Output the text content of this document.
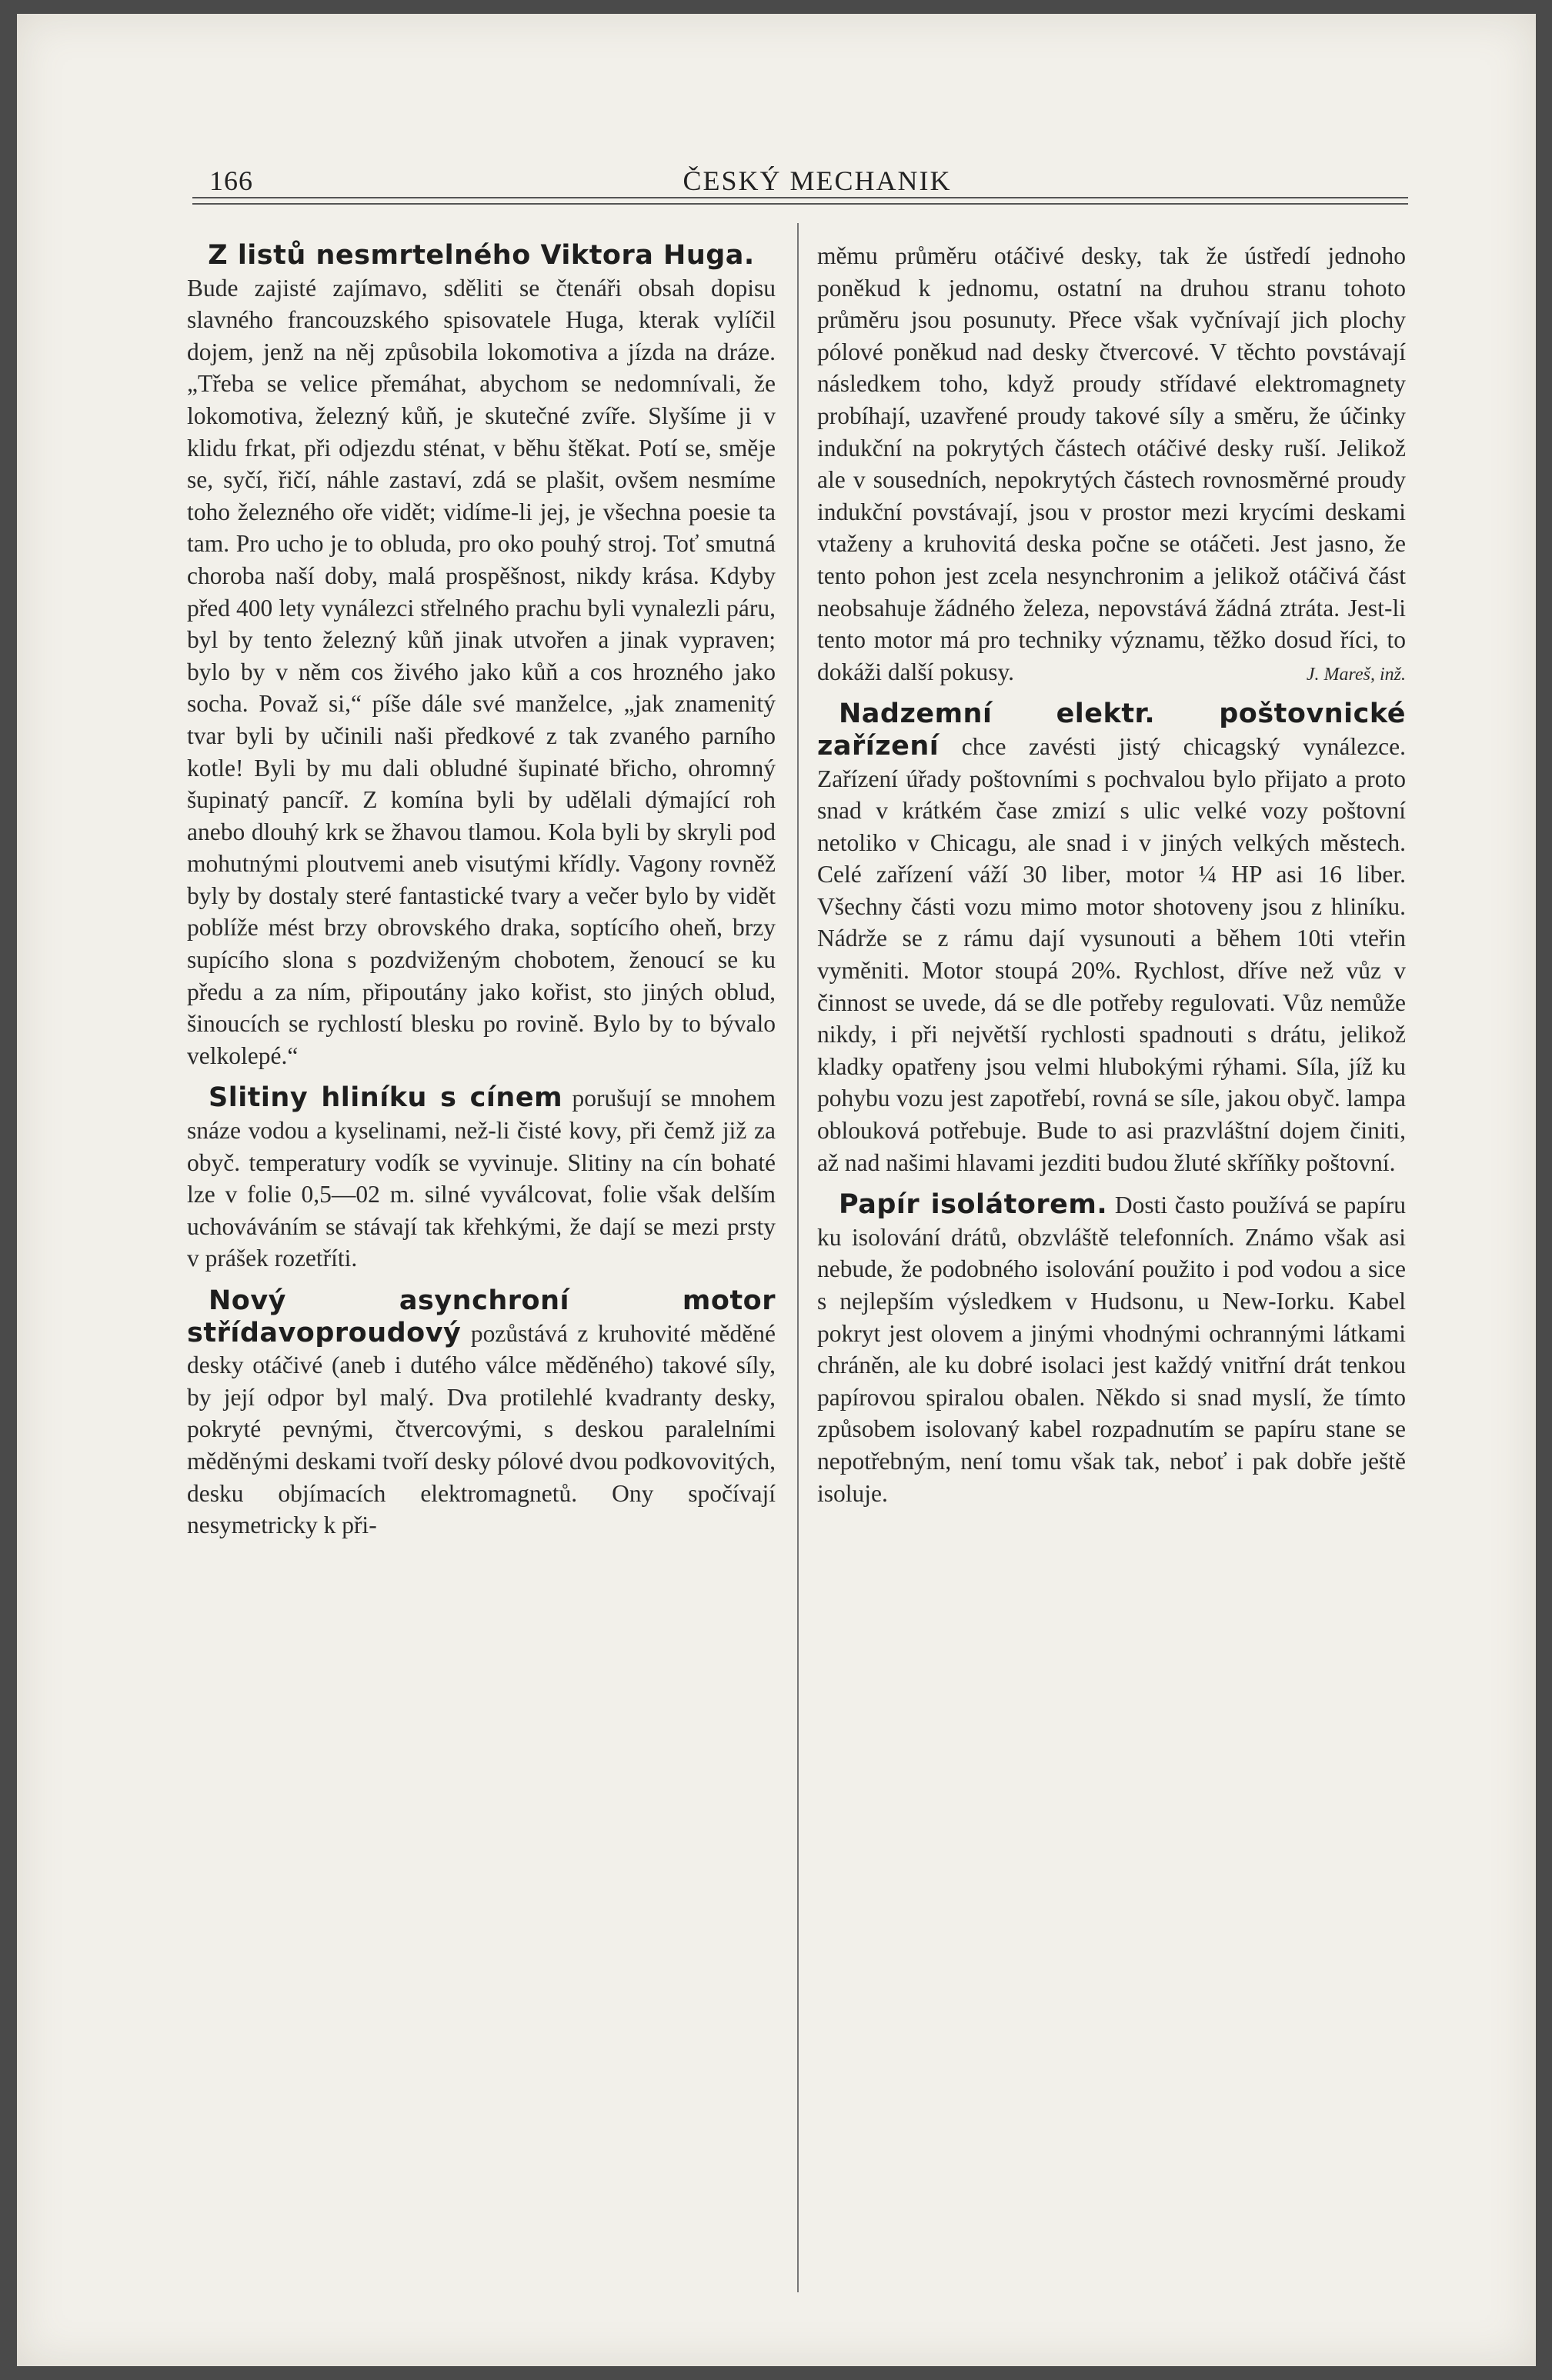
166	ČESKÝ MECHANIK

Z listů nesmrtelného Viktora Huga.

Bude zajisté zajímavo, sděliti se čtenáři obsah dopisu slavného francouzského spisovatele Huga, kterak vylíčil dojem, jenž na něj způsobila lokomotiva a jízda na dráze. „Třeba se velice přemáhat, abychom se nedomnívali, že lokomotiva, železný kůň, je skutečné zvíře. Slyšíme ji v klidu frkat, při odjezdu sténat, v běhu štěkat. Potí se, směje se, syčí, řičí, náhle zastaví, zdá se plašit, ovšem nesmíme toho železného oře vidět; vidíme-li jej, je všechna poesie ta tam. Pro ucho je to obluda, pro oko pouhý stroj. Toť smutná choroba naší doby, malá prospěšnost, nikdy krása. Kdyby před 400 lety vynálezci střelného prachu byli vynalezli páru, byl by tento železný kůň jinak utvořen a jinak vypraven; bylo by v něm cos živého jako kůň a cos hrozného jako socha. Považ si,“ píše dále své manželce, „jak znamenitý tvar byli by učinili naši předkové z tak zvaného parního kotle! Byli by mu dali obludné šupinaté břicho, ohromný šupinatý pancíř. Z komína byli by udělali dýmající roh anebo dlouhý krk se žhavou tlamou. Kola byli by skryli pod mohutnými ploutvemi aneb visutými křídly. Vagony rovněž byly by dostaly steré fantastické tvary a večer bylo by vidět poblíže mést brzy obrovského draka, soptícího oheň, brzy supícího slona s pozdviženým chobotem, ženoucí se ku předu a za ním, připoutány jako kořist, sto jiných oblud, šinoucích se rychlostí blesku po rovině. Bylo by to bývalo velkolepé.“

Slitiny hliníku s cínem porušují se mnohem snáze vodou a kyselinami, než-li čisté kovy, při čemž již za obyč. temperatury vodík se vyvinuje. Slitiny na cín bohaté lze v folie 0,5—02 m. silné vyválcovat, folie však delším uchováváním se stávají tak křehkými, že dají se mezi prsty v prášek rozetříti.

Nový asynchroní motor střídavoproudový pozůstává z kruhovité měděné desky otáčivé (aneb i dutého válce měděného) takové síly, by její odpor byl malý. Dva protilehlé kvadranty desky, pokryté pevnými, čtvercovými, s deskou paralelními měděnými deskami tvoří desky pólové dvou podkovovitých, desku objímacích elektromagnetů. Ony spočívají nesymetricky k při-

měmu průměru otáčivé desky, tak že ústředí jednoho poněkud k jednomu, ostatní na druhou stranu tohoto průměru jsou posunuty. Přece však vyčnívají jich plochy pólové poněkud nad desky čtvercové. V těchto povstávají následkem toho, když proudy střídavé elektromagnety probíhají, uzavřené proudy takové síly a směru, že účinky indukční na pokrytých částech otáčivé desky ruší. Jelikož ale v sousedních, nepokrytých částech rovnosměrné proudy indukční povstávají, jsou v prostor mezi krycími deskami vtaženy a kruhovitá deska počne se otáčeti. Jest jasno, že tento pohon jest zcela nesynchronim a jelikož otáčivá část neobsahuje žádného železa, nepovstává žádná ztráta. Jest-li tento motor má pro techniky významu, těžko dosud říci, to dokáži další pokusy.	J. Mareš, inž.

Nadzemní elektr. poštovnické zařízení chce zavésti jistý chicagský vynálezce. Zařízení úřady poštovními s pochvalou bylo přijato a proto snad v krátkém čase zmizí s ulic velké vozy poštovní netoliko v Chicagu, ale snad i v jiných velkých městech. Celé zařízení váží 30 liber, motor ¼ HP asi 16 liber. Všechny části vozu mimo motor shotoveny jsou z hliníku. Nádrže se z rámu dají vysunouti a během 10ti vteřin vyměniti. Motor stoupá 20%. Rychlost, dříve než vůz v činnost se uvede, dá se dle potřeby regulovati. Vůz nemůže nikdy, i při největší rychlosti spadnouti s drátu, jelikož kladky opatřeny jsou velmi hlubokými rýhami. Síla, jíž ku pohybu vozu jest zapotřebí, rovná se síle, jakou obyč. lampa oblouková potřebuje. Bude to asi prazvláštní dojem činiti, až nad našimi hlavami jezditi budou žluté skříňky poštovní.

Papír isolátorem. Dosti často používá se papíru ku isolování drátů, obzvláště telefonních. Známo však asi nebude, že podobného isolování použito i pod vodou a sice s nejlepším výsledkem v Hudsonu, u New-Iorku. Kabel pokryt jest olovem a jinými vhodnými ochrannými látkami chráněn, ale ku dobré isolaci jest každý vnitřní drát tenkou papírovou spiralou obalen. Někdo si snad myslí, že tímto způsobem isolovaný kabel rozpadnutím se papíru stane se nepotřebným, není tomu však tak, neboť i pak dobře ještě isoluje.
